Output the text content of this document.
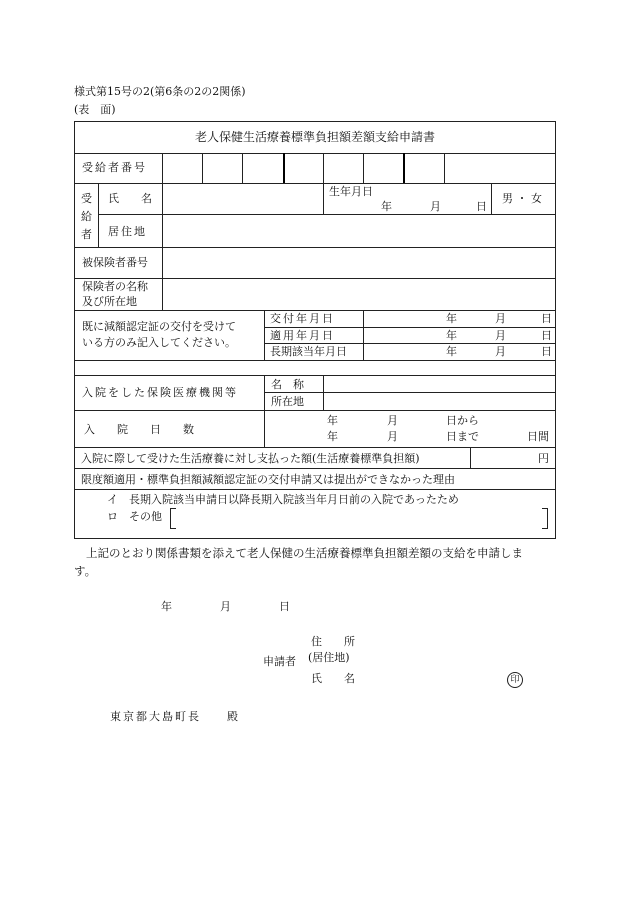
様式第15号の2(第6条の2の2関係)
(表　面)
老人保健生活療養標準負担額差額支給申請書
受給者番号
受給者
氏　　名
生年月日
年	月	日
男 ・ 女
居住地
被保険者番号
保険者の名称
及び所在地
既に減額認定証の交付を受けて
いる方のみ記入してください。
交付年月日	年	月	日
適用年月日	年	月	日
長期該当年月日	年	月	日
入院をした保険医療機関等
名　称
所在地
入　　院　　日　　数
年	月	日から
年	月	日まで	日間
入院に際して受けた生活療養に対し支払った額(生活療養標準負担額)	円
限度額適用・標準負担額減額認定証の交付申請又は提出ができなかった理由
イ　長期入院該当申請日以降長期入院該当年月日前の入院であったため
ロ　その他
上記のとおり関係書類を添えて老人保健の生活療養標準負担額差額の支給を申請しま
す。
年	月	日
住　　所
申請者 (居住地)
氏　　名	印
東京都大島町長　　殿
